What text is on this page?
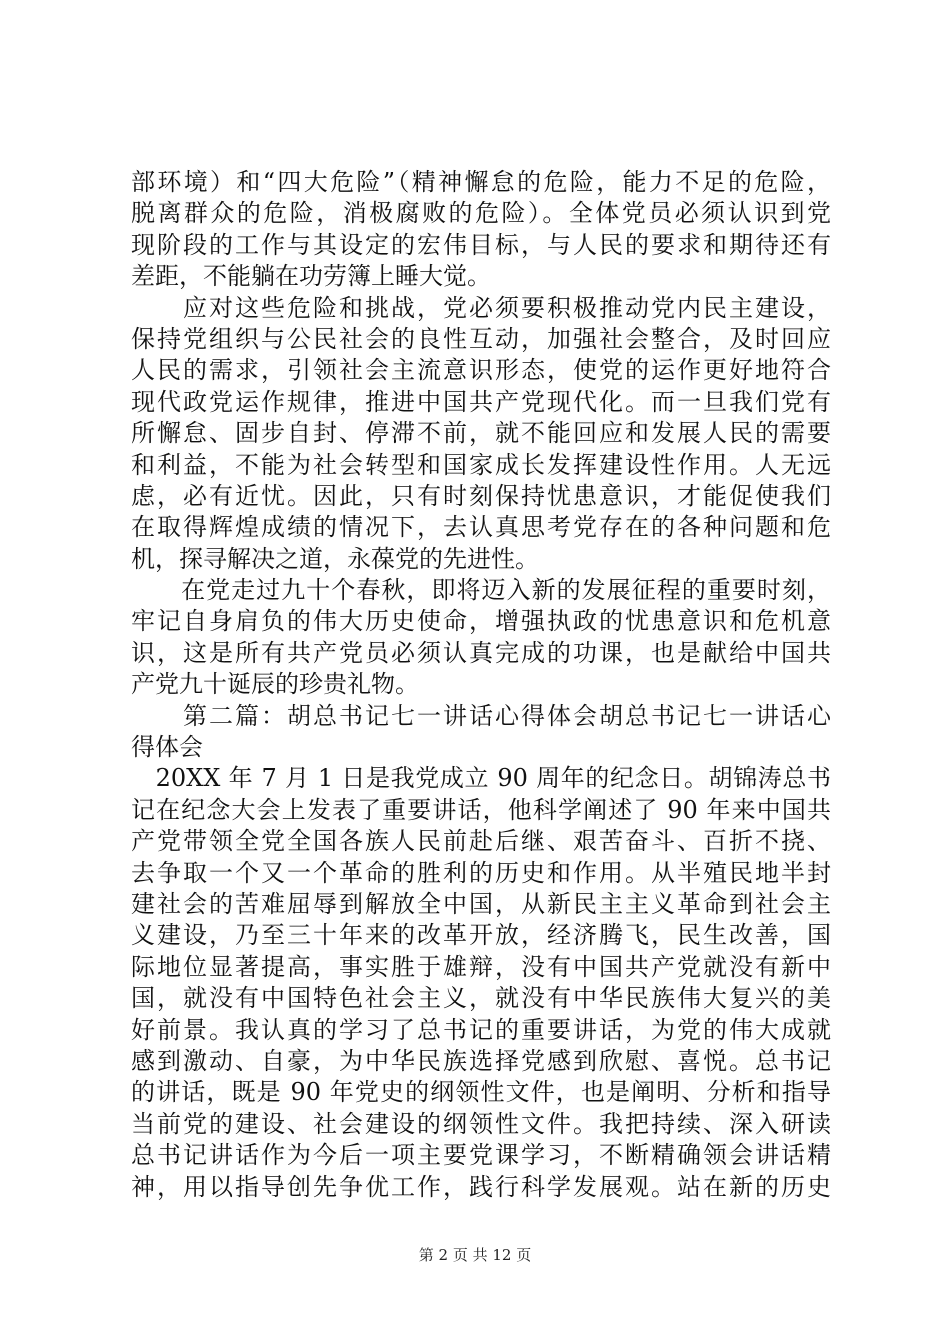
部环境）和“四大危险”（精神懈怠的危险，能力不足的危险，
脱离群众的危险，消极腐败的危险）。全体党员必须认识到党
现阶段的工作与其设定的宏伟目标，与人民的要求和期待还有
差距，不能躺在功劳簿上睡大觉。
　　应对这些危险和挑战，党必须要积极推动党内民主建设，
保持党组织与公民社会的良性互动，加强社会整合，及时回应
人民的需求，引领社会主流意识形态，使党的运作更好地符合
现代政党运作规律，推进中国共产党现代化。而一旦我们党有
所懈怠、固步自封、停滞不前，就不能回应和发展人民的需要
和利益，不能为社会转型和国家成长发挥建设性作用。人无远
虑，必有近忧。因此，只有时刻保持忧患意识，才能促使我们
在取得辉煌成绩的情况下，去认真思考党存在的各种问题和危
机，探寻解决之道，永葆党的先进性。
　　在党走过九十个春秋，即将迈入新的发展征程的重要时刻，
牢记自身肩负的伟大历史使命，增强执政的忧患意识和危机意
识，这是所有共产党员必须认真完成的功课，也是献给中国共
产党九十诞辰的珍贵礼物。
　　第二篇：胡总书记七一讲话心得体会胡总书记七一讲话心
得体会
　20XX 年 7 月 1 日是我党成立 90 周年的纪念日。胡锦涛总书
记在纪念大会上发表了重要讲话，他科学阐述了 90 年来中国共
产党带领全党全国各族人民前赴后继、艰苦奋斗、百折不挠、
去争取一个又一个革命的胜利的历史和作用。从半殖民地半封
建社会的苦难屈辱到解放全中国，从新民主主义革命到社会主
义建设，乃至三十年来的改革开放，经济腾飞，民生改善，国
际地位显著提高，事实胜于雄辩，没有中国共产党就没有新中
国，就没有中国特色社会主义，就没有中华民族伟大复兴的美
好前景。我认真的学习了总书记的重要讲话，为党的伟大成就
感到激动、自豪，为中华民族选择党感到欣慰、喜悦。总书记
的讲话，既是 90 年党史的纲领性文件，也是阐明、分析和指导
当前党的建设、社会建设的纲领性文件。我把持续、深入研读
总书记讲话作为今后一项主要党课学习，不断精确领会讲话精
神，用以指导创先争优工作，践行科学发展观。站在新的历史
第 2 页 共 12 页
